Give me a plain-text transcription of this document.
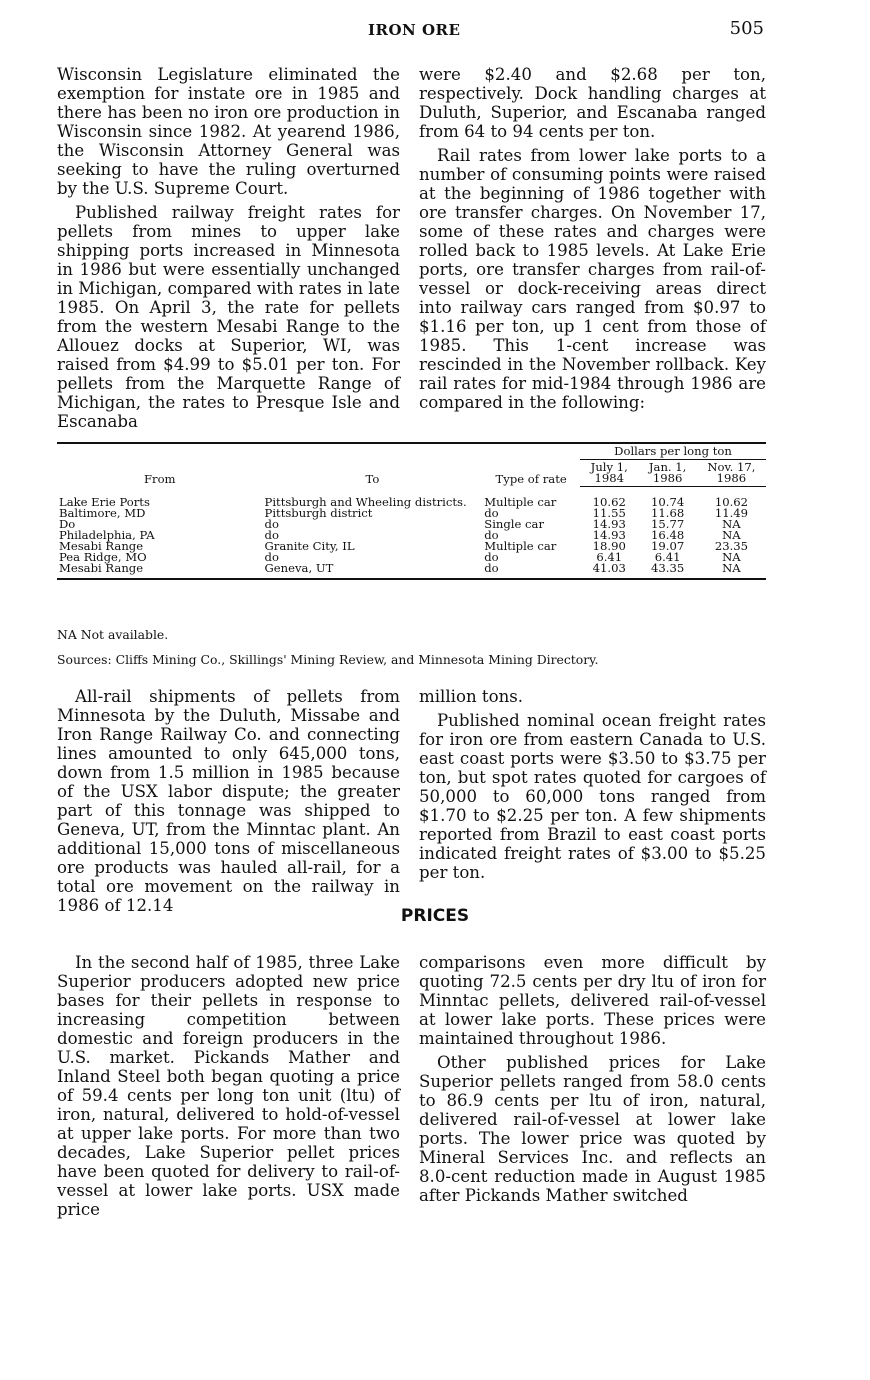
IRON ORE	505

Wisconsin Legislature eliminated the exemption for instate ore in 1985 and there has been no iron ore production in Wisconsin since 1982. At yearend 1986, the Wisconsin Attorney General was seeking to have the ruling overturned by the U.S. Supreme Court.

Published railway freight rates for pellets from mines to upper lake shipping ports increased in Minnesota in 1986 but were essentially unchanged in Michigan, compared with rates in late 1985. On April 3, the rate for pellets from the western Mesabi Range to the Allouez docks at Superior, WI, was raised from $4.99 to $5.01 per ton. For pellets from the Marquette Range of Michigan, the rates to Presque Isle and Escanaba

were $2.40 and $2.68 per ton, respectively. Dock handling charges at Duluth, Superior, and Escanaba ranged from 64 to 94 cents per ton.

Rail rates from lower lake ports to a number of consuming points were raised at the beginning of 1986 together with ore transfer charges. On November 17, some of these rates and charges were rolled back to 1985 levels. At Lake Erie ports, ore transfer charges from rail-of-vessel or dock-receiving areas direct into railway cars ranged from $0.97 to $1.16 per ton, up 1 cent from those of 1985. This 1-cent increase was rescinded in the November rollback. Key rail rates for mid-1984 through 1986 are compared in the following:

From	To	Type of rate	Dollars per long ton		
			July 1, 1984	Jan. 1, 1986	Nov. 17, 1986
Lake Erie Ports	Pittsburgh and Wheeling districts.	Multiple car	10.62	10.74	10.62
Baltimore, MD	Pittsburgh district	do	11.55	11.68	11.49
Do	do	Single car	14.93	15.77	NA
Philadelphia, PA	do	do	14.93	16.48	NA
Mesabi Range	Granite City, IL	Multiple car	18.90	19.07	23.35
Pea Ridge, MO	do	do	6.41	6.41	NA
Mesabi Range	Geneva, UT	do	41.03	43.35	NA
NA Not available.
Sources: Cliffs Mining Co., Skillings' Mining Review, and Minnesota Mining Directory.

All-rail shipments of pellets from Minnesota by the Duluth, Missabe and Iron Range Railway Co. and connecting lines amounted to only 645,000 tons, down from 1.5 million in 1985 because of the USX labor dispute; the greater part of this tonnage was shipped to Geneva, UT, from the Minntac plant. An additional 15,000 tons of miscellaneous ore products was hauled all-rail, for a total ore movement on the railway in 1986 of 12.14

million tons.

Published nominal ocean freight rates for iron ore from eastern Canada to U.S. east coast ports were $3.50 to $3.75 per ton, but spot rates quoted for cargoes of 50,000 to 60,000 tons ranged from $1.70 to $2.25 per ton. A few shipments reported from Brazil to east coast ports indicated freight rates of $3.00 to $5.25 per ton.

PRICES

In the second half of 1985, three Lake Superior producers adopted new price bases for their pellets in response to increasing competition between domestic and foreign producers in the U.S. market. Pickands Mather and Inland Steel both began quoting a price of 59.4 cents per long ton unit (ltu) of iron, natural, delivered to hold-of-vessel at upper lake ports. For more than two decades, Lake Superior pellet prices have been quoted for delivery to rail-of-vessel at lower lake ports. USX made price

comparisons even more difficult by quoting 72.5 cents per dry ltu of iron for Minntac pellets, delivered rail-of-vessel at lower lake ports. These prices were maintained throughout 1986.

Other published prices for Lake Superior pellets ranged from 58.0 cents to 86.9 cents per ltu of iron, natural, delivered rail-of-vessel at lower lake ports. The lower price was quoted by Mineral Services Inc. and reflects an 8.0-cent reduction made in August 1985 after Pickands Mather switched
